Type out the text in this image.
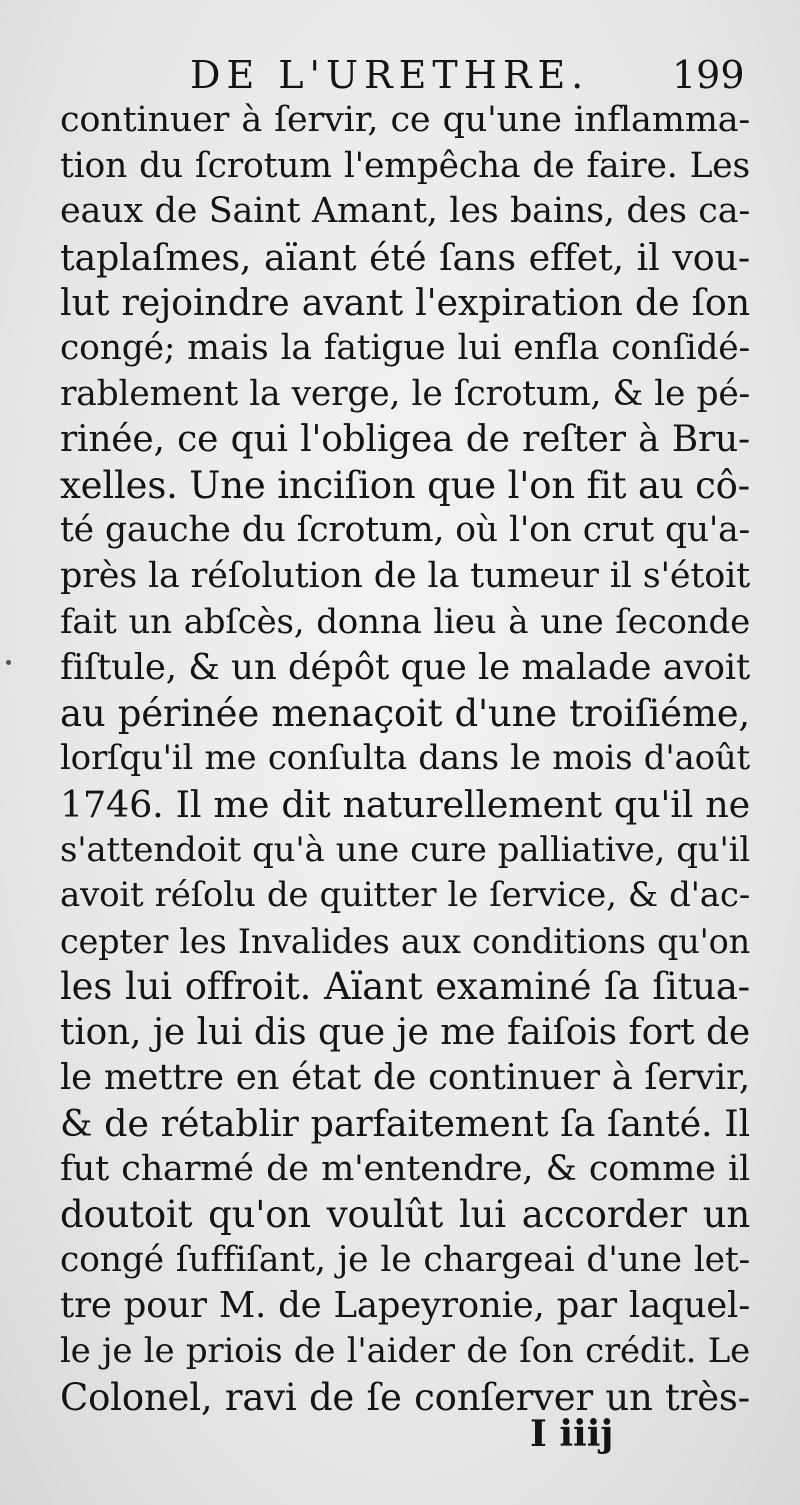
DE L'URETHRE. 199
continuer à ſervir, ce qu'une inflamma-
tion du ſcrotum l'empêcha de faire. Les
eaux de Saint Amant, les bains, des ca-
taplaſmes, aïant été ſans effet, il vou-
lut rejoindre avant l'expiration de ſon
congé; mais la fatigue lui enfla conſidé-
rablement la verge, le ſcrotum, & le pé-
rinée, ce qui l'obligea de reſter à Bru-
xelles. Une inciſion que l'on fit au cô-
té gauche du ſcrotum, où l'on crut qu'a-
près la réſolution de la tumeur il s'étoit
fait un abſcès, donna lieu à une ſeconde
fiſtule, & un dépôt que le malade avoit
au périnée menaçoit d'une troiſiéme,
lorſqu'il me conſulta dans le mois d'août
1746. Il me dit naturellement qu'il ne
s'attendoit qu'à une cure palliative, qu'il
avoit réſolu de quitter le ſervice, & d'ac-
cepter les Invalides aux conditions qu'on
les lui offroit. Aïant examiné ſa ſitua-
tion, je lui dis que je me faiſois fort de
le mettre en état de continuer à ſervir,
& de rétablir parfaitement ſa ſanté. Il
fut charmé de m'entendre, & comme il
doutoit qu'on voulût lui accorder un
congé ſuffiſant, je le chargeai d'une let-
tre pour M. de Lapeyronie, par laquel-
le je le priois de l'aider de ſon crédit. Le
Colonel, ravi de ſe conſerver un très-
I iiij
